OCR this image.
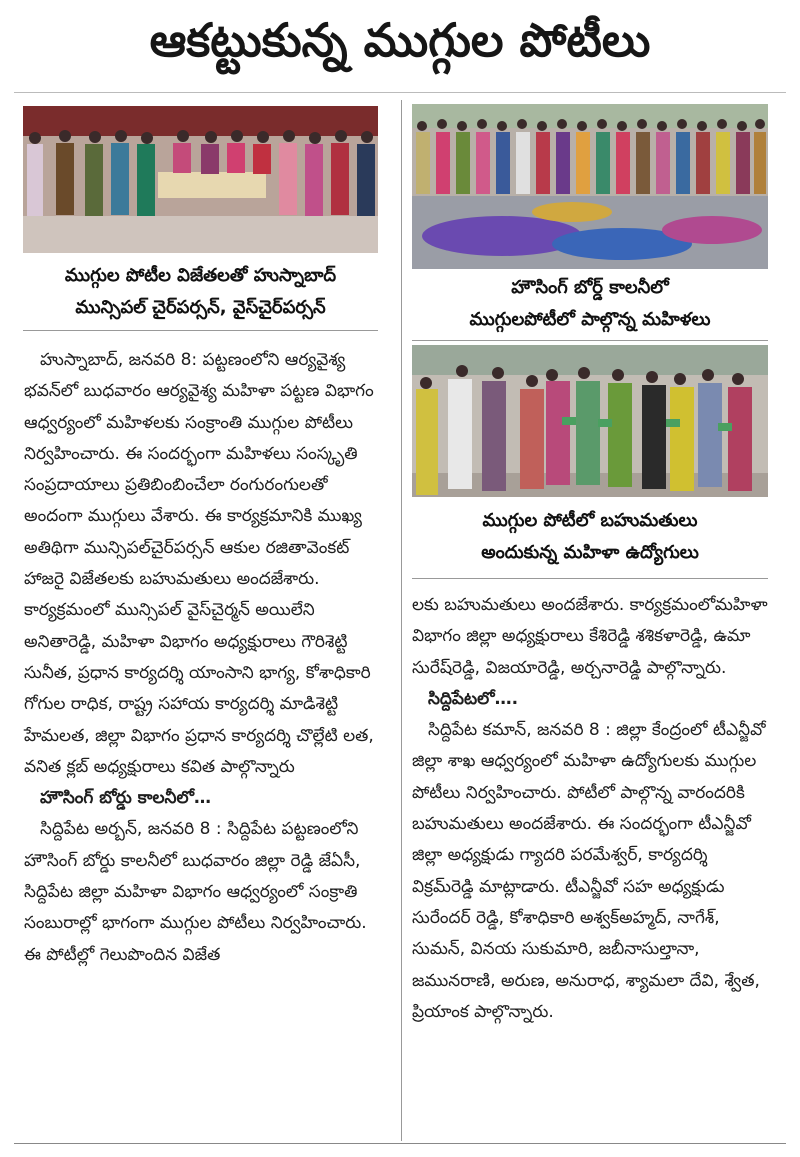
ఆకట్టుకున్న ముగ్గుల పోటీలు
ముగ్గుల పోటీల విజేతలతో హుస్నాబాద్
మున్సిపల్ చైర్‌పర్సన్, వైస్‌చైర్‌పర్సన్
హౌసింగ్ బోర్డ్ కాలనీలో
ముగ్గులపోటీలో పాల్గొన్న మహిళలు
ముగ్గుల పోటీలో బహుమతులు
అందుకున్న మహిళా ఉద్యోగులు

హుస్నాబాద్, జనవరి 8: పట్టణంలోని ఆర్యవైశ్య భవన్‌లో బుధవారం ఆర్యవైశ్య మహిళా పట్టణ విభాగం ఆధ్వర్యంలో మహిళలకు సంక్రాంతి ముగ్గుల పోటీలు నిర్వహించారు. ఈ సందర్భంగా మహిళలు సంస్కృతి సంప్రదాయాలు ప్రతిబింబించేలా రంగురంగులతో అందంగా ముగ్గులు వేశారు. ఈ కార్యక్రమానికి ముఖ్య అతిథిగా మున్సిపల్‌చైర్‌పర్సన్ ఆకుల రజితావెంకట్ హాజరై విజేతలకు బహుమతులు అందజేశారు. కార్యక్రమంలో మున్సిపల్ వైస్‌చైర్మన్ అయిలేని అనితారెడ్డి, మహిళా విభాగం అధ్యక్షురాలు గౌరిశెట్టి సునీత, ప్రధాన కార్యదర్శి యాంసాని భాగ్య, కోశాధికారి గోగుల రాధిక, రాష్ట్ర సహాయ కార్యదర్శి మాడిశెట్టి హేమలత, జిల్లా విభాగం ప్రధాన కార్యదర్శి చొల్లేటి లత, వనిత క్లబ్ అధ్యక్షురాలు కవిత పాల్గొన్నారు

హౌసింగ్ బోర్డు కాలనీలో…

సిద్దిపేట అర్బన్, జనవరి 8 : సిద్దిపేట పట్టణంలోని హౌసింగ్ బోర్డు కాలనీలో బుధవారం జిల్లా రెడ్డి జేఏసీ, సిద్దిపేట జిల్లా మహిళా విభాగం ఆధ్వర్యంలో సంక్రాతి సంబురాల్లో భాగంగా ముగ్గుల పోటీలు నిర్వహించారు. ఈ పోటీల్లో గెలుపొందిన విజేత

లకు బహుమతులు అందజేశారు. కార్యక్రమంలోమహిళా విభాగం జిల్లా అధ్యక్షురాలు కేశిరెడ్డి శశికళారెడ్డి, ఉమా సురేష్‌రెడ్డి, విజయారెడ్డి, అర్చనారెడ్డి పాల్గొన్నారు.

సిద్దిపేటలో….

సిద్దిపేట కమాన్, జనవరి 8 : జిల్లా కేంద్రంలో టీఎన్జీవో జిల్లా శాఖ ఆధ్వర్యంలో మహిళా ఉద్యోగులకు ముగ్గుల పోటీలు నిర్వహించారు. పోటీలో పాల్గొన్న వారందరికి బహుమతులు అందజేశారు. ఈ సందర్భంగా టీఎన్జీవో జిల్లా అధ్యక్షుడు గ్యాదరి పరమేశ్వర్, కార్యదర్శి విక్రమ్‌రెడ్డి మాట్లాడారు. టీఎన్జీవో సహ అధ్యక్షుడు సురేందర్ రెడ్డి, కోశాధికారి అశ్వక్‌అహ్మద్, నాగేశ్, సుమన్, వినయ సుకుమారి, జబీనాసుల్తానా, జమునరాణి, అరుణ, అనురాధ, శ్యామలా దేవి, శ్వేత, ప్రియాంక పాల్గొన్నారు.
